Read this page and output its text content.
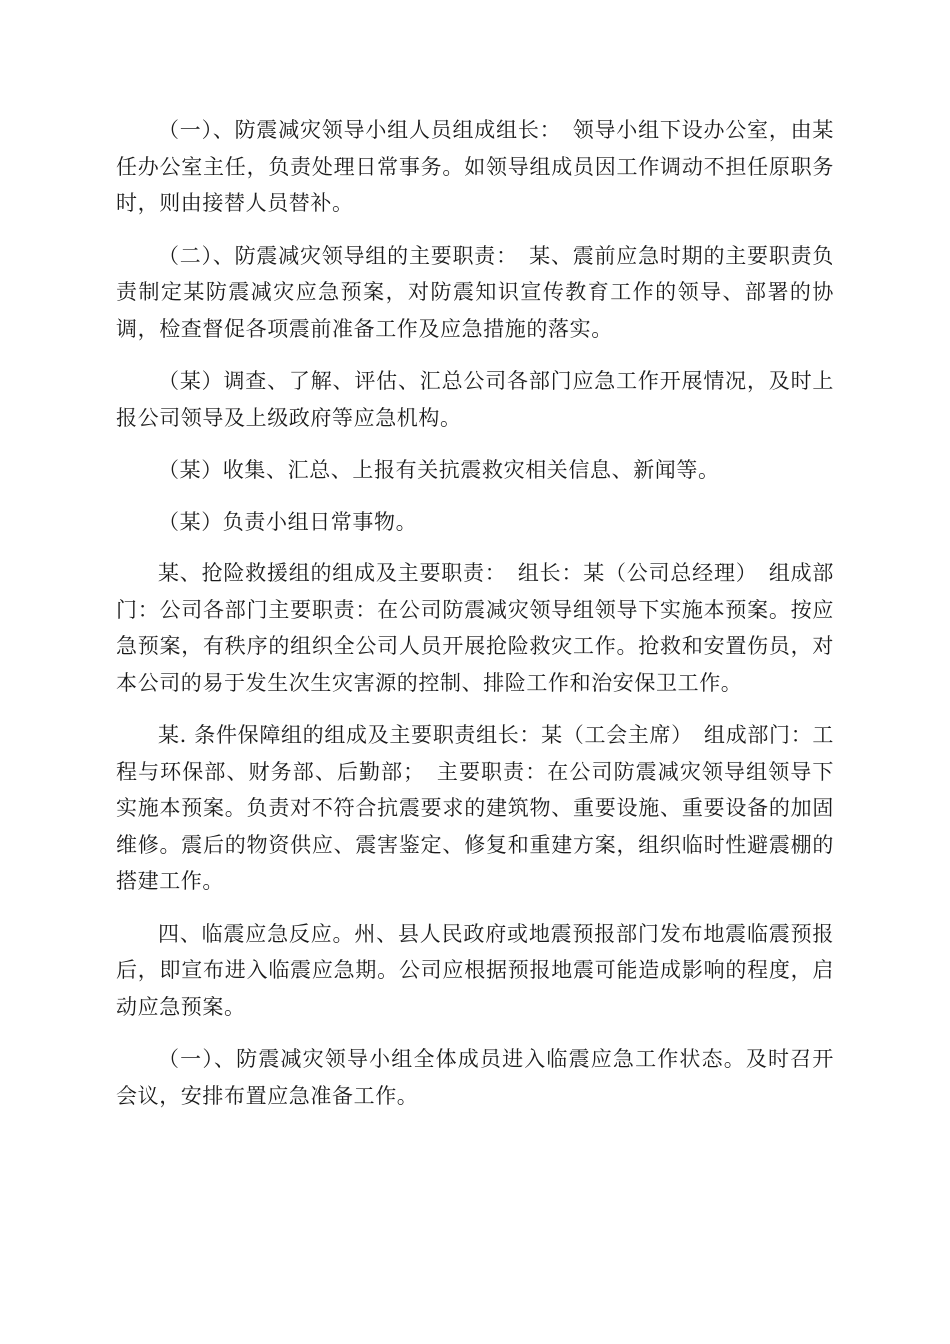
（一）、防震减灾领导小组人员组成组长：　领导小组下设办公室，由某任办公室主任，负责处理日常事务。如领导组成员因工作调动不担任原职务时，则由接替人员替补。

（二）、防震减灾领导组的主要职责：　某、震前应急时期的主要职责负责制定某防震减灾应急预案，对防震知识宣传教育工作的领导、部署的协调，检查督促各项震前准备工作及应急措施的落实。

（某）调查、了解、评估、汇总公司各部门应急工作开展情况，及时上报公司领导及上级政府等应急机构。

（某）收集、汇总、上报有关抗震救灾相关信息、新闻等。

（某）负责小组日常事物。

某、抢险救援组的组成及主要职责：　组长：某（公司总经理）　组成部门：公司各部门主要职责：在公司防震减灾领导组领导下实施本预案。按应急预案，有秩序的组织全公司人员开展抢险救灾工作。抢救和安置伤员，对本公司的易于发生次生灾害源的控制、排险工作和治安保卫工作。

某. 条件保障组的组成及主要职责组长：某（工会主席）　组成部门：工程与环保部、财务部、后勤部；　主要职责：在公司防震减灾领导组领导下实施本预案。负责对不符合抗震要求的建筑物、重要设施、重要设备的加固维修。震后的物资供应、震害鉴定、修复和重建方案，组织临时性避震棚的搭建工作。

四、临震应急反应。州、县人民政府或地震预报部门发布地震临震预报后，即宣布进入临震应急期。公司应根据预报地震可能造成影响的程度，启动应急预案。

（一）、防震减灾领导小组全体成员进入临震应急工作状态。及时召开会议，安排布置应急准备工作。
